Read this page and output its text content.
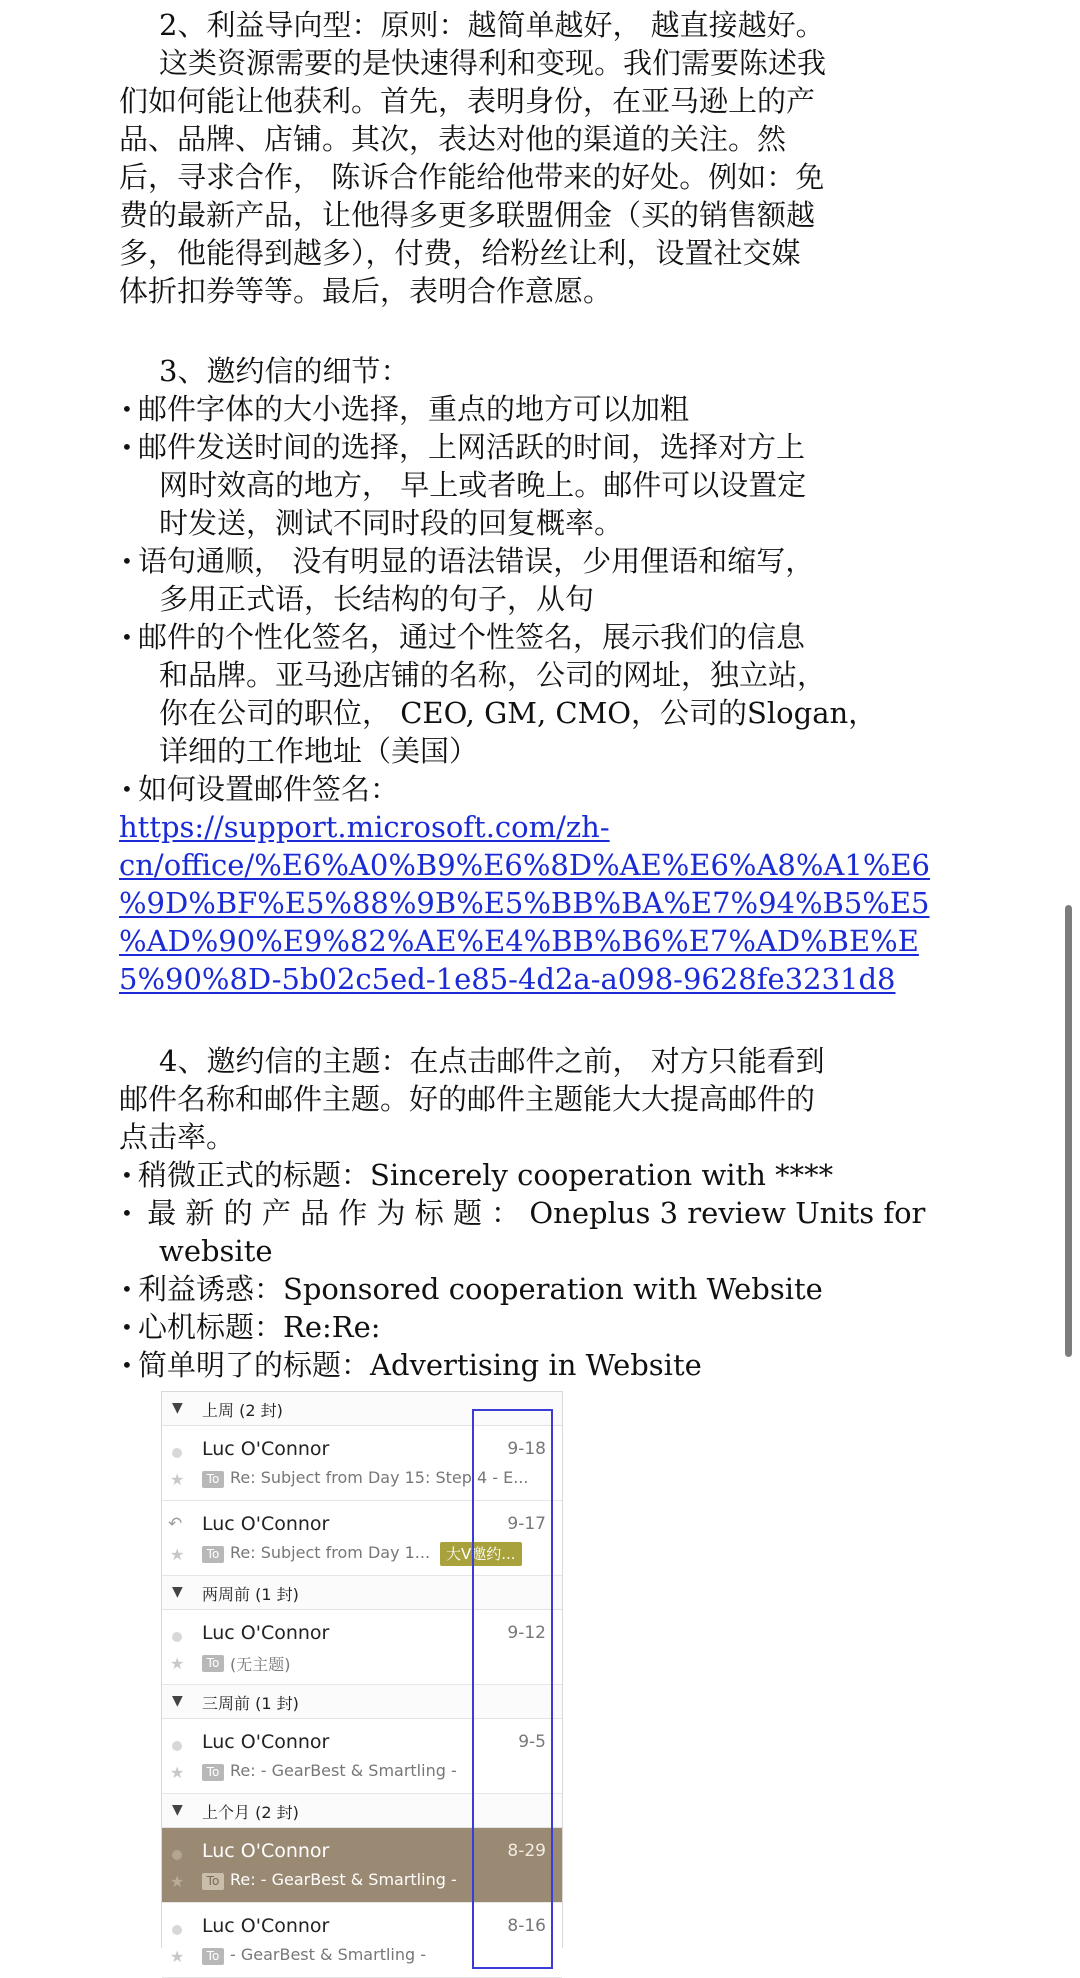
2、利益导向型：原则：越简单越好， 越直接越好。
这类资源需要的是快速得利和变现。我们需要陈述我
们如何能让他获利。首先，表明身份，在亚马逊上的产
品、品牌、店铺。其次，表达对他的渠道的关注。然
后，寻求合作， 陈诉合作能给他带来的好处。例如：免
费的最新产品，让他得多更多联盟佣金（买的销售额越
多，他能得到越多），付费，给粉丝让利，设置社交媒
体折扣券等等。最后，表明合作意愿。
3、邀约信的细节：
• 邮件字体的大小选择，重点的地方可以加粗
• 邮件发送时间的选择，上网活跃的时间，选择对方上
网时效高的地方， 早上或者晚上。邮件可以设置定
时发送，测试不同时段的回复概率。
• 语句通顺， 没有明显的语法错误，少用俚语和缩写，
多用正式语，长结构的句子，从句
• 邮件的个性化签名，通过个性签名，展示我们的信息
和品牌。亚马逊店铺的名称，公司的网址，独立站，
你在公司的职位， CEO, GM, CMO，公司的Slogan，
详细的工作地址（美国）
• 如何设置邮件签名：
https://support.microsoft.com/zh-
cn/office/%E6%A0%B9%E6%8D%AE%E6%A8%A1%E6
%9D%BF%E5%88%9B%E5%BB%BA%E7%94%B5%E5
%AD%90%E9%82%AE%E4%BB%B6%E7%AD%BE%E
5%90%8D-5b02c5ed-1e85-4d2a-a098-9628fe3231d8
4、邀约信的主题：在点击邮件之前， 对方只能看到
邮件名称和邮件主题。好的邮件主题能大大提高邮件的
点击率。
• 稍微正式的标题：Sincerely cooperation with ****
• 最 新 的 产 品 作 为 标 题 ： Oneplus 3 review Units for
website
• 利益诱惑：Sponsored cooperation with Website
• 心机标题：Re:Re:
• 简单明了的标题：Advertising in Website
▼ 上周 (2 封)
★
Luc O'Connor	9-18
To Re: Subject from Day 15: Step 4 - E...
↶
★
Luc O'Connor	9-17
To Re: Subject from Day 1...	大V邀约...
▼ 两周前 (1 封)
★
Luc O'Connor	9-12
To (无主题)
▼ 三周前 (1 封)
★
Luc O'Connor	9-5
To Re: - GearBest & Smartling -
▼ 上个月 (2 封)
★
Luc O'Connor	8-29
To Re: - GearBest & Smartling -
★
Luc O'Connor	8-16
To - GearBest & Smartling -
